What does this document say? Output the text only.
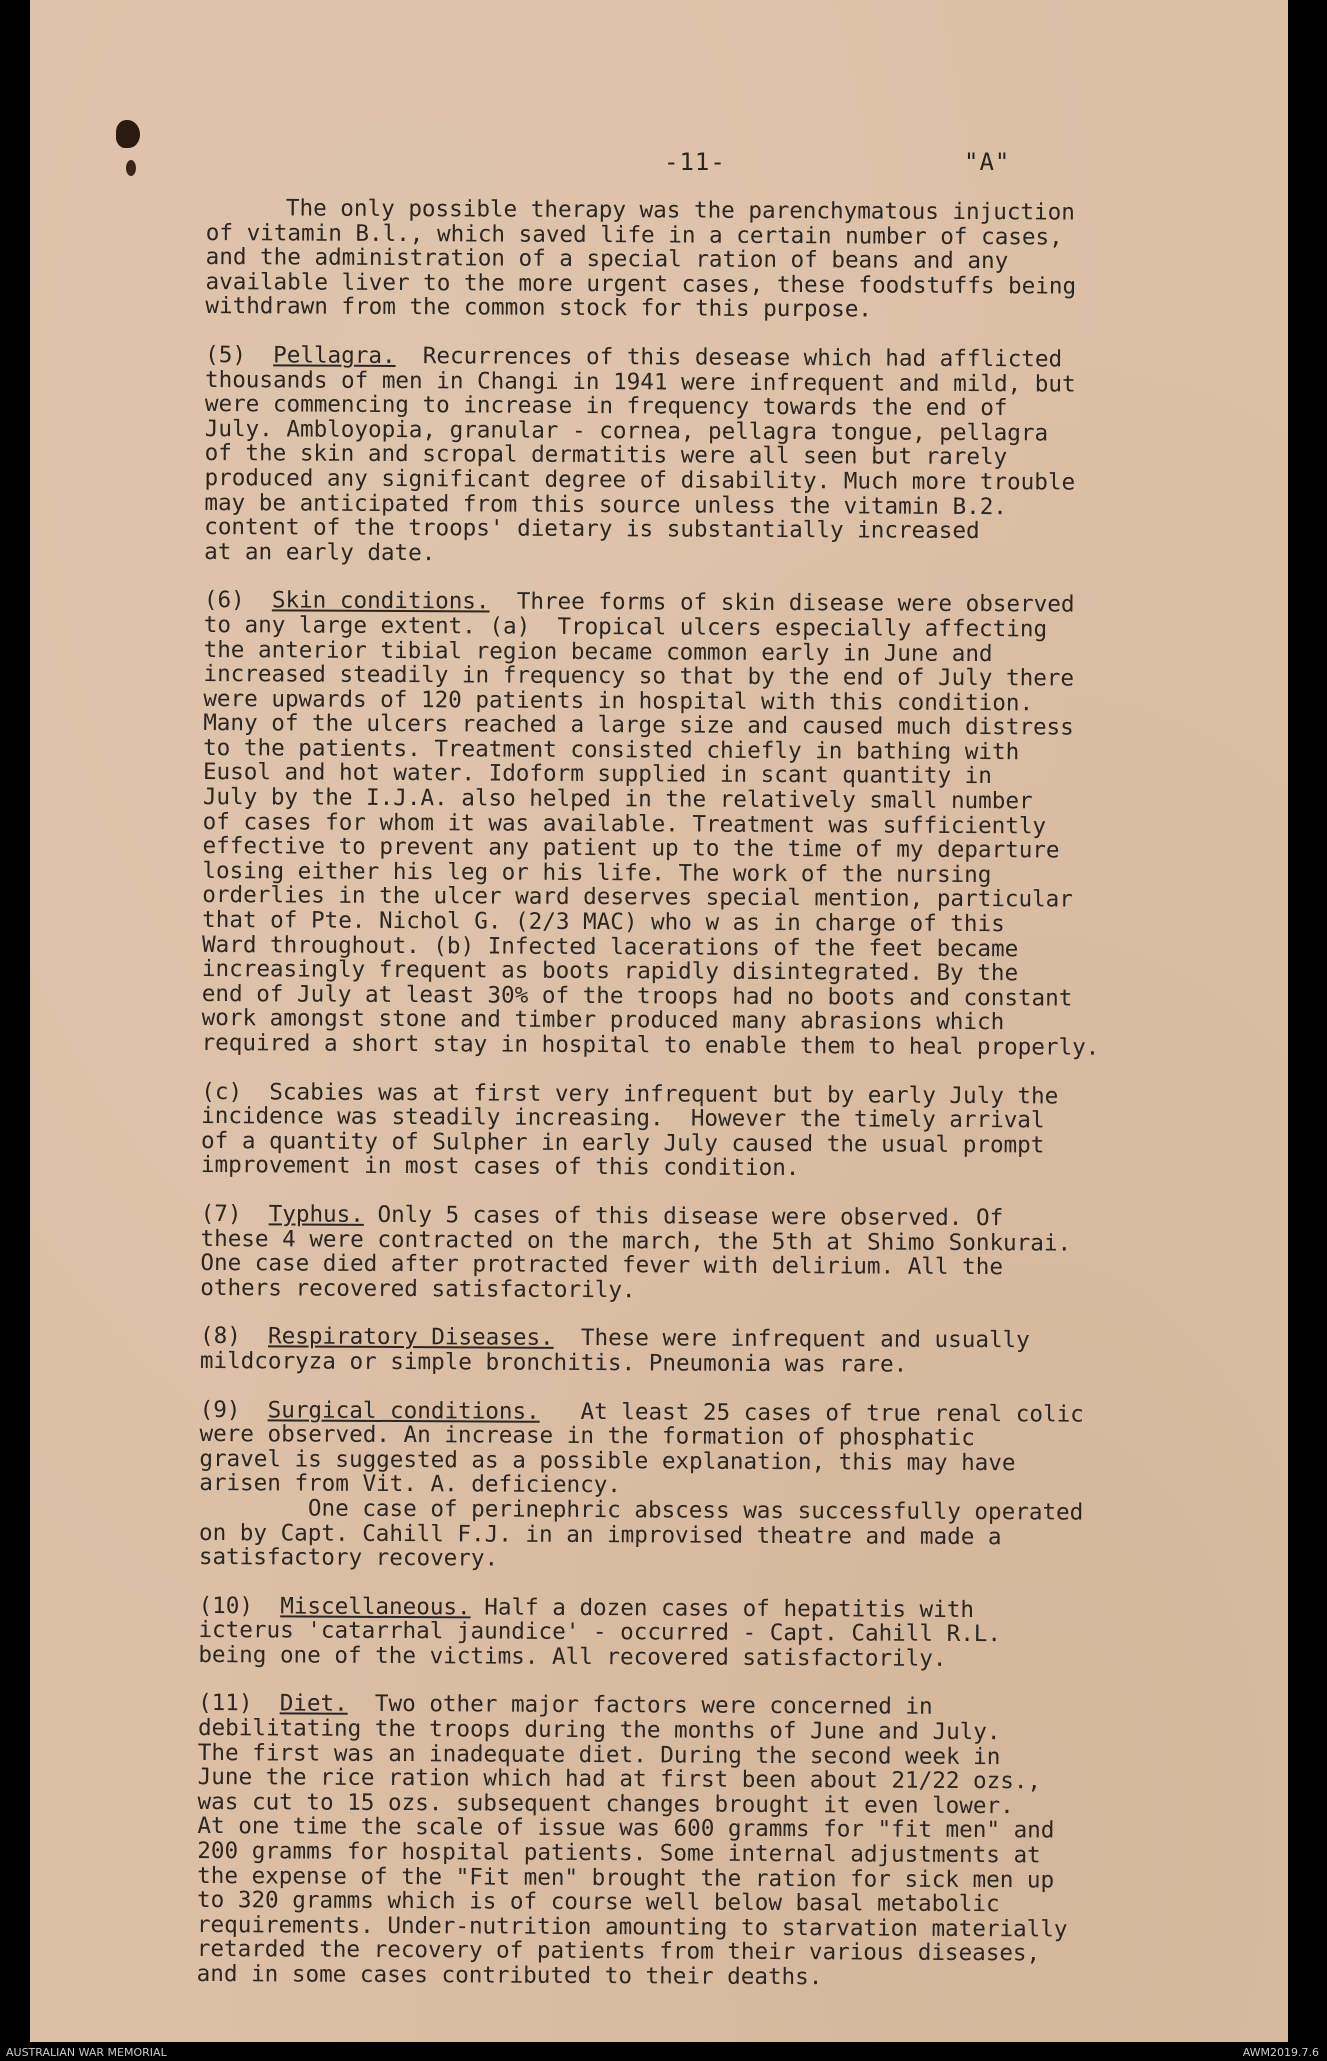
-11-	"A"
The only possible therapy was the parenchymatous injuction
of vitamin B.l., which saved life in a certain number of cases,
and the administration of a special ration of beans and any
available liver to the more urgent cases, these foodstuffs being
withdrawn from the common stock for this purpose.
(5)  Pellagra.  Recurrences of this desease which had afflicted
thousands of men in Changi in 1941 were infrequent and mild, but
were commencing to increase in frequency towards the end of
July. Ambloyopia, granular - cornea, pellagra tongue, pellagra
of the skin and scropal dermatitis were all seen but rarely
produced any significant degree of disability. Much more trouble
may be anticipated from this source unless the vitamin B.2.
content of the troops' dietary is substantially increased
at an early date.
(6)  Skin conditions.  Three forms of skin disease were observed
to any large extent. (a)  Tropical ulcers especially affecting
the anterior tibial region became common early in June and
increased steadily in frequency so that by the end of July there
were upwards of 120 patients in hospital with this condition.
Many of the ulcers reached a large size and caused much distress
to the patients. Treatment consisted chiefly in bathing with
Eusol and hot water. Idoform supplied in scant quantity in
July by the I.J.A. also helped in the relatively small number
of cases for whom it was available. Treatment was sufficiently
effective to prevent any patient up to the time of my departure
losing either his leg or his life. The work of the nursing
orderlies in the ulcer ward deserves special mention, particular
that of Pte. Nichol G. (2/3 MAC) who w as in charge of this
Ward throughout. (b) Infected lacerations of the feet became
increasingly frequent as boots rapidly disintegrated. By the
end of July at least 30% of the troops had no boots and constant
work amongst stone and timber produced many abrasions which
required a short stay in hospital to enable them to heal properly.
(c)  Scabies was at first very infrequent but by early July the
incidence was steadily increasing.  However the timely arrival
of a quantity of Sulpher in early July caused the usual prompt
improvement in most cases of this condition.
(7)  Typhus. Only 5 cases of this disease were observed. Of
these 4 were contracted on the march, the 5th at Shimo Sonkurai.
One case died after protracted fever with delirium. All the
others recovered satisfactorily.
(8)  Respiratory Diseases.  These were infrequent and usually
mildcoryza or simple bronchitis. Pneumonia was rare.
(9)  Surgical conditions.   At least 25 cases of true renal colic
were observed. An increase in the formation of phosphatic
gravel is suggested as a possible explanation, this may have
arisen from Vit. A. deficiency.
One case of perinephric abscess was successfully operated
on by Capt. Cahill F.J. in an improvised theatre and made a
satisfactory recovery.
(10)  Miscellaneous. Half a dozen cases of hepatitis with
icterus 'catarrhal jaundice' - occurred - Capt. Cahill R.L.
being one of the victims. All recovered satisfactorily.
(11)  Diet.  Two other major factors were concerned in
debilitating the troops during the months of June and July.
The first was an inadequate diet. During the second week in
June the rice ration which had at first been about 21/22 ozs.,
was cut to 15 ozs. subsequent changes brought it even lower.
At one time the scale of issue was 600 gramms for "fit men" and
200 gramms for hospital patients. Some internal adjustments at
the expense of the "Fit men" brought the ration for sick men up
to 320 gramms which is of course well below basal metabolic
requirements. Under-nutrition amounting to starvation materially
retarded the recovery of patients from their various diseases,
and in some cases contributed to their deaths.
AUSTRALIAN WAR MEMORIAL	AWM2019.7.6
